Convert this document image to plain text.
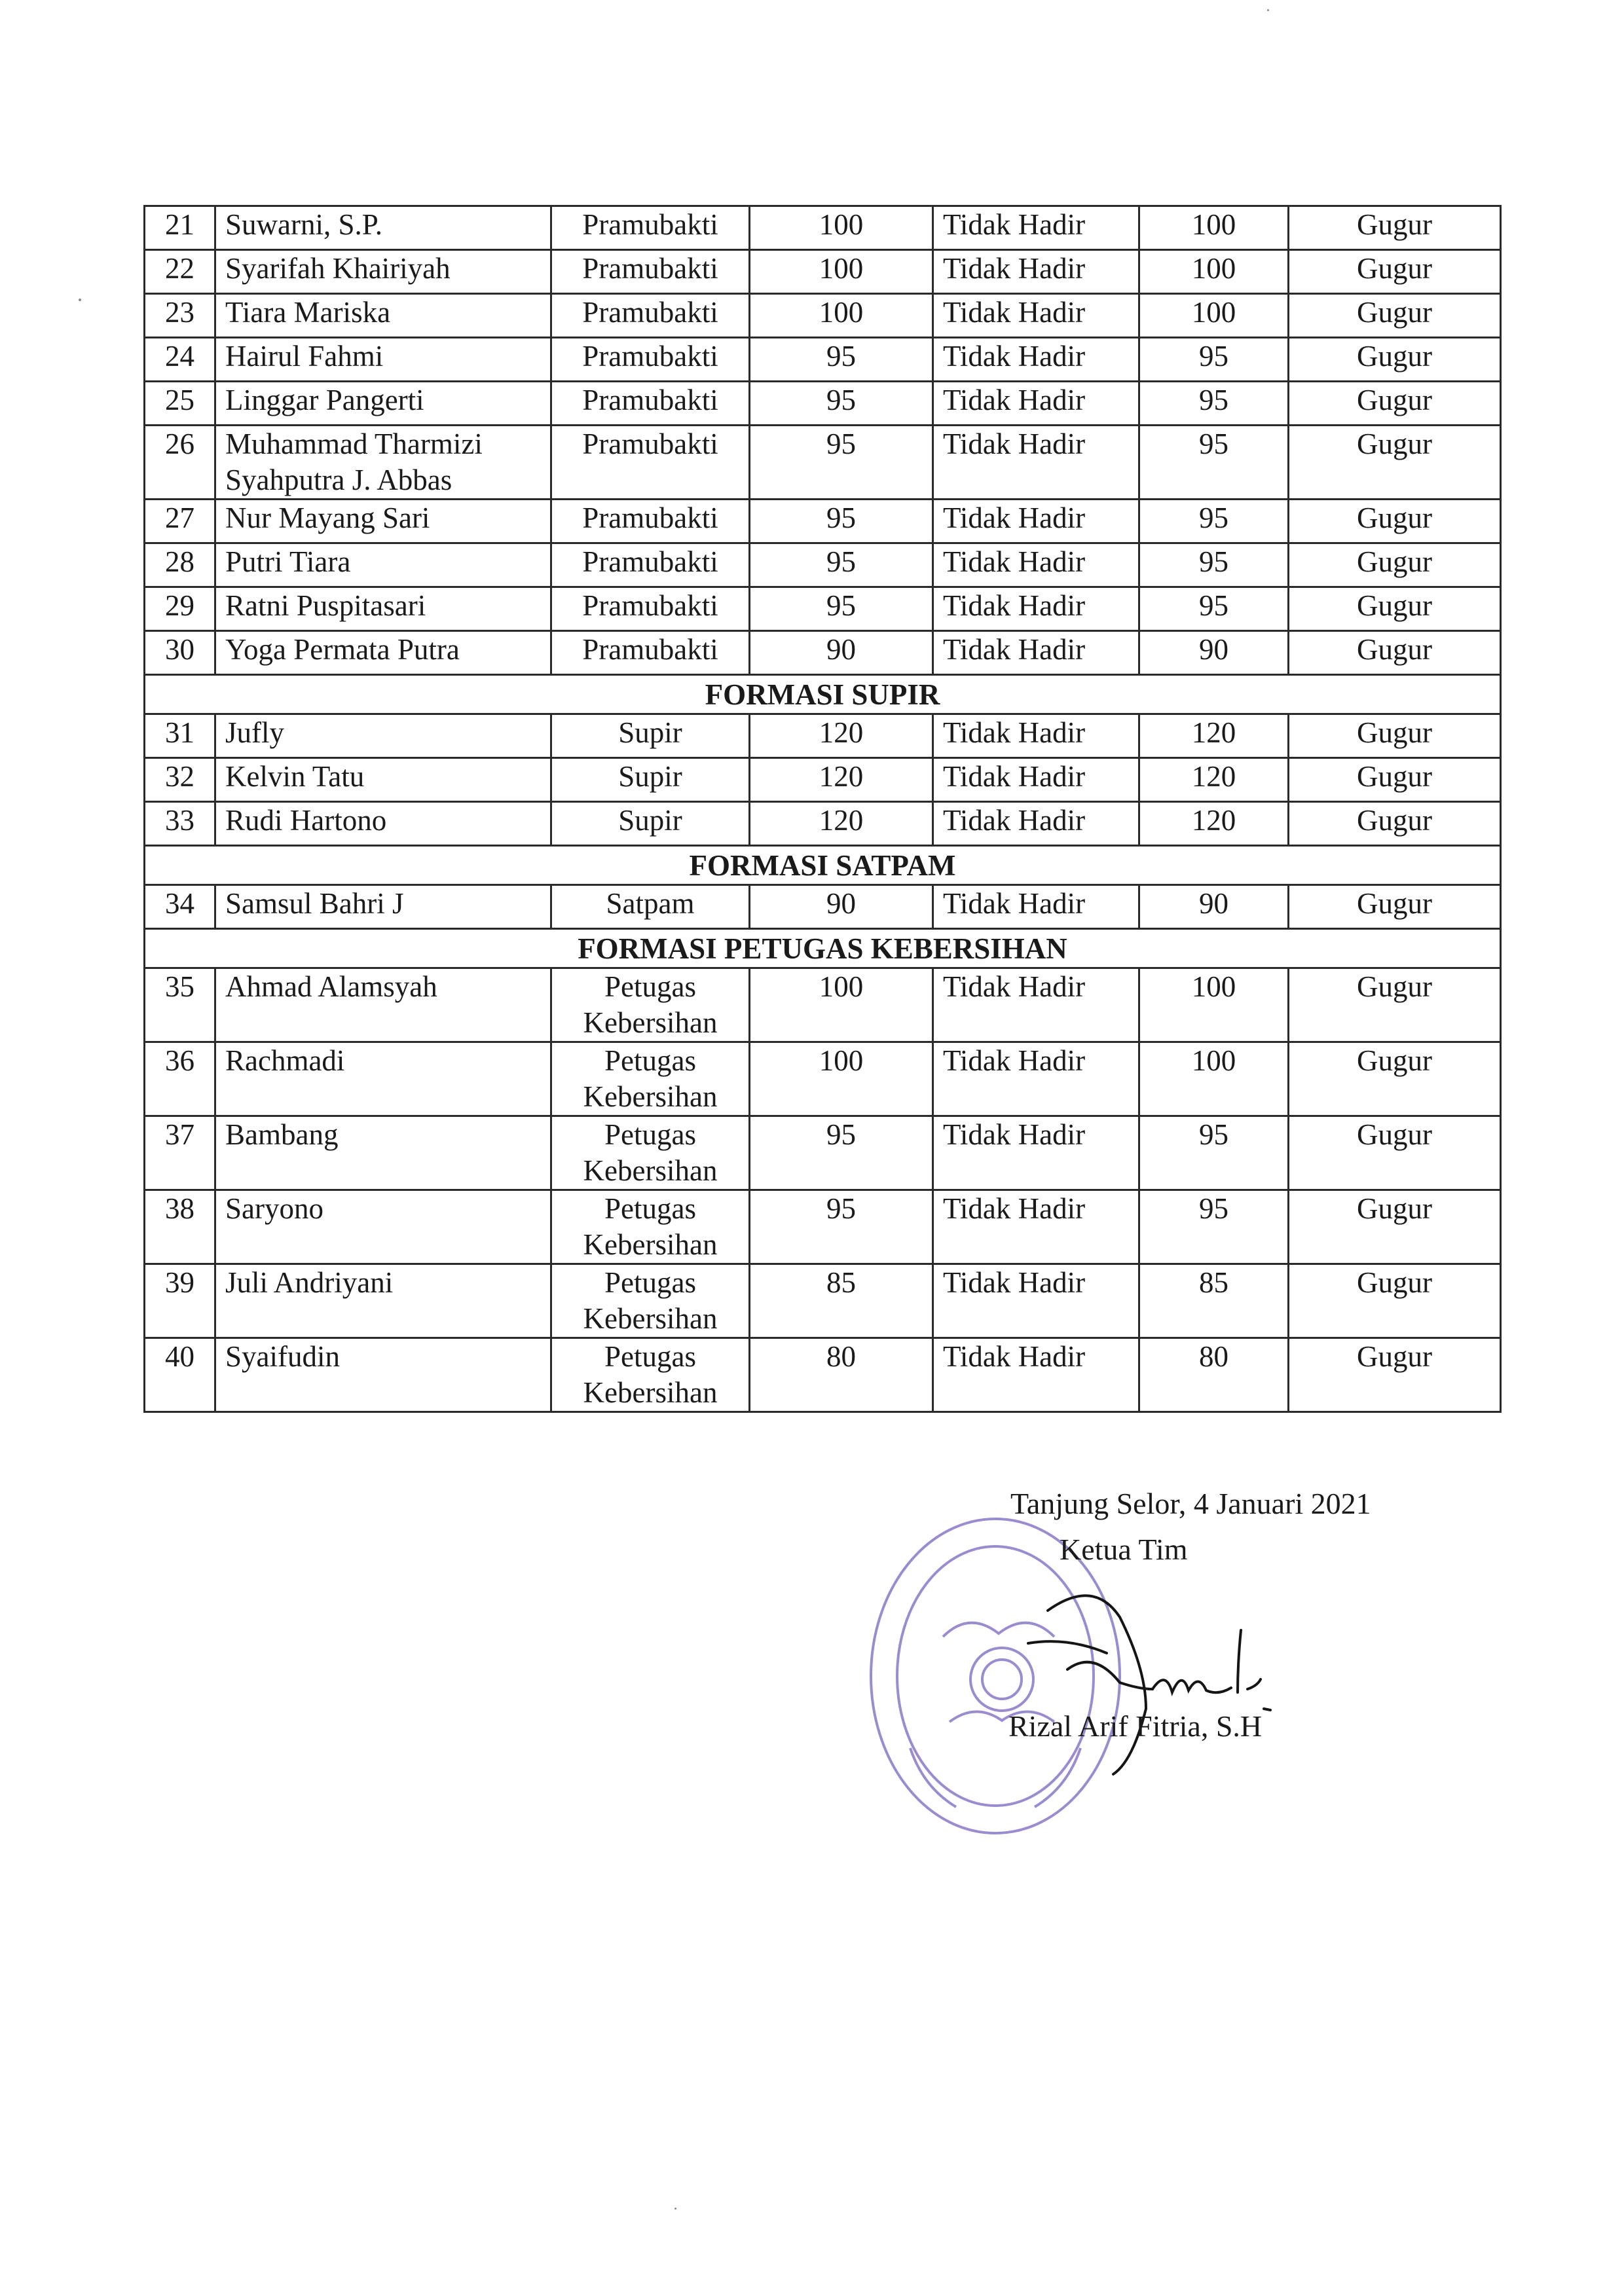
21	Suwarni, S.P.	Pramubakti	100	Tidak Hadir	100	Gugur

22	Syarifah Khairiyah	Pramubakti	100	Tidak Hadir	100	Gugur

23	Tiara Mariska	Pramubakti	100	Tidak Hadir	100	Gugur

24	Hairul Fahmi	Pramubakti	95	Tidak Hadir	95	Gugur

25	Linggar Pangerti	Pramubakti	95	Tidak Hadir	95	Gugur

26	Muhammad Tharmizi
Syahputra J. Abbas	Pramubakti	95	Tidak Hadir	95	Gugur

27	Nur Mayang Sari	Pramubakti	95	Tidak Hadir	95	Gugur

28	Putri Tiara	Pramubakti	95	Tidak Hadir	95	Gugur

29	Ratni Puspitasari	Pramubakti	95	Tidak Hadir	95	Gugur

30	Yoga Permata Putra	Pramubakti	90	Tidak Hadir	90	Gugur

FORMASI SUPIR						

31	Jufly	Supir	120	Tidak Hadir	120	Gugur

32	Kelvin Tatu	Supir	120	Tidak Hadir	120	Gugur

33	Rudi Hartono	Supir	120	Tidak Hadir	120	Gugur

FORMASI SATPAM						

34	Samsul Bahri J	Satpam	90	Tidak Hadir	90	Gugur

FORMASI PETUGAS KEBERSIHAN						

35	Ahmad Alamsyah	Petugas
Kebersihan	100	Tidak Hadir	100	Gugur

36	Rachmadi	Petugas
Kebersihan	100	Tidak Hadir	100	Gugur

37	Bambang	Petugas
Kebersihan	95	Tidak Hadir	95	Gugur

38	Saryono	Petugas
Kebersihan	95	Tidak Hadir	95	Gugur

39	Juli Andriyani	Petugas
Kebersihan	85	Tidak Hadir	85	Gugur

40	Syaifudin	Petugas
Kebersihan	80	Tidak Hadir	80	Gugur
Tanjung Selor, 4 Januari 2021
Ketua Tim
Rizal Arif Fitria, S.H
